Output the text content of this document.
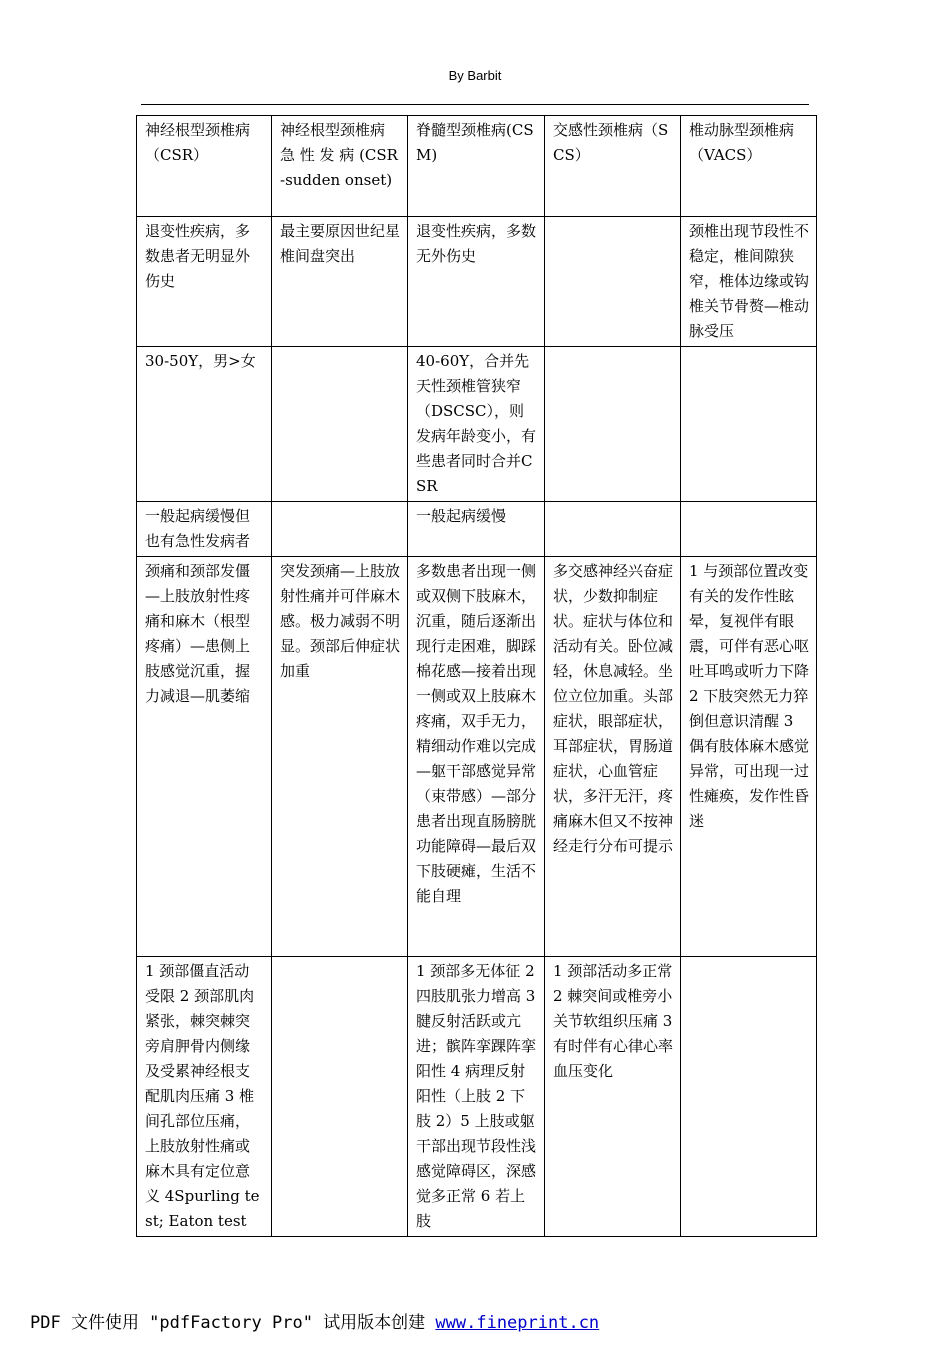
By Barbit
神经根型颈椎病（CSR）	神经根型颈椎病 急 性 发 病 (CSR-sudden onset)	脊髓型颈椎病(CSM)	交感性颈椎病（SCS）	椎动脉型颈椎病（VACS）
退变性疾病，多数患者无明显外伤史	最主要原因世纪星椎间盘突出	退变性疾病，多数无外伤史		颈椎出现节段性不稳定，椎间隙狭窄，椎体边缘或钩椎关节骨赘—椎动脉受压
30-50Y，男>女		40-60Y，合并先天性颈椎管狭窄（DSCSC），则发病年龄变小，有些患者同时合并CSR		
一般起病缓慢但也有急性发病者		一般起病缓慢		
颈痛和颈部发僵—上肢放射性疼痛和麻木（根型疼痛）—患侧上肢感觉沉重，握力减退—肌萎缩	突发颈痛—上肢放射性痛并可伴麻木感。极力减弱不明显。颈部后伸症状加重	多数患者出现一侧或双侧下肢麻木，沉重，随后逐渐出现行走困难，脚踩棉花感—接着出现一侧或双上肢麻木疼痛，双手无力，精细动作难以完成—躯干部感觉异常（束带感）—部分患者出现直肠膀胱功能障碍—最后双下肢硬瘫，生活不能自理	多交感神经兴奋症状，少数抑制症状。症状与体位和活动有关。卧位减轻，休息减轻。坐位立位加重。头部症状，眼部症状，耳部症状，胃肠道症状，心血管症状，多汗无汗，疼痛麻木但又不按神经走行分布可提示	1 与颈部位置改变有关的发作性眩晕，复视伴有眼震，可伴有恶心呕吐耳鸣或听力下降 2 下肢突然无力猝倒但意识清醒 3 偶有肢体麻木感觉异常，可出现一过性瘫痪，发作性昏迷
1 颈部僵直活动受限 2 颈部肌肉紧张，棘突棘突旁肩胛骨内侧缘及受累神经根支配肌肉压痛 3 椎间孔部位压痛，上肢放射性痛或麻木具有定位意义 4Spurling test; Eaton test		1 颈部多无体征 2 四肢肌张力增高 3 腱反射活跃或亢进；髌阵挛踝阵挛阳性 4 病理反射阳性（上肢 2 下肢 2）5 上肢或躯干部出现节段性浅感觉障碍区，深感觉多正常 6 若上肢	1 颈部活动多正常 2 棘突间或椎旁小关节软组织压痛 3 有时伴有心律心率血压变化	
PDF 文件使用 "pdfFactory Pro" 试用版本创建 www.fineprint.cn
